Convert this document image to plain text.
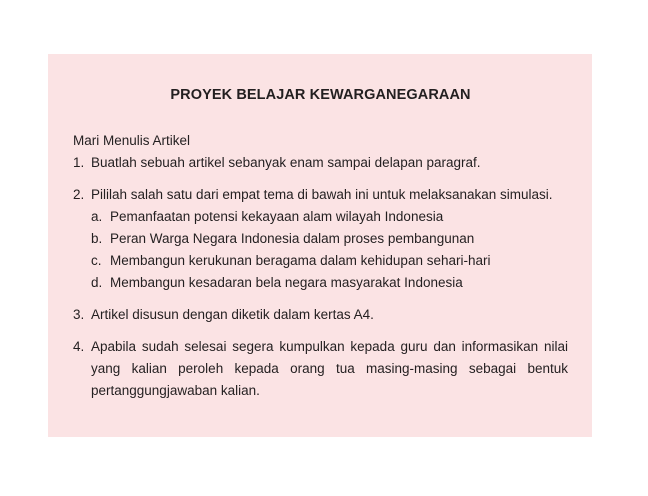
PROYEK BELAJAR KEWARGANEGARAAN

Mari Menulis Artikel

1. Buatlah sebuah artikel sebanyak enam sampai delapan paragraf.
2. Pililah salah satu dari empat tema di bawah ini untuk melaksanakan simulasi.
a. Pemanfaatan potensi kekayaan alam wilayah Indonesia
b. Peran Warga Negara Indonesia dalam proses pembangunan
c. Membangun kerukunan beragama dalam kehidupan sehari-hari
d. Membangun kesadaran bela negara masyarakat Indonesia
3. Artikel disusun dengan diketik dalam kertas A4.
4. Apabila sudah selesai segera kumpulkan kepada guru dan informasikan nilai yang kalian peroleh kepada orang tua masing-masing sebagai bentuk pertanggungjawaban kalian.
